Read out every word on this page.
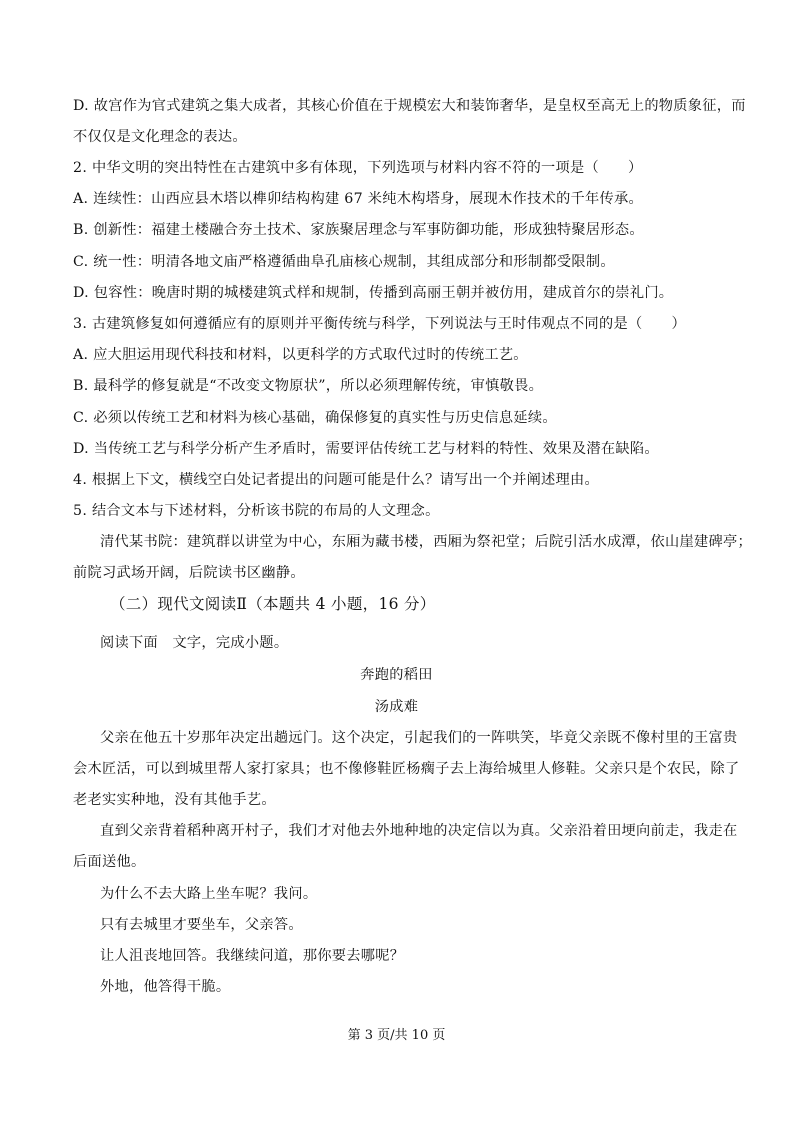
D. 故宫作为官式建筑之集大成者，其核心价值在于规模宏大和装饰奢华，是皇权至高无上的物质象征，而
不仅仅是文化理念的表达。
2. 中华文明的突出特性在古建筑中多有体现，下列选项与材料内容不符的一项是（　　）
A. 连续性：山西应县木塔以榫卯结构构建 67 米纯木构塔身，展现木作技术的千年传承。
B. 创新性：福建土楼融合夯土技术、家族聚居理念与军事防御功能，形成独特聚居形态。
C. 统一性：明清各地文庙严格遵循曲阜孔庙核心规制，其组成部分和形制都受限制。
D. 包容性：晚唐时期的城楼建筑式样和规制，传播到高丽王朝并被仿用，建成首尔的崇礼门。
3. 古建筑修复如何遵循应有的原则并平衡传统与科学，下列说法与王时伟观点不同的是（　　）
A. 应大胆运用现代科技和材料，以更科学的方式取代过时的传统工艺。
B. 最科学的修复就是“不改变文物原状”，所以必须理解传统，审慎敬畏。
C. 必须以传统工艺和材料为核心基础，确保修复的真实性与历史信息延续。
D. 当传统工艺与科学分析产生矛盾时，需要评估传统工艺与材料的特性、效果及潜在缺陷。
4. 根据上下文，横线空白处记者提出的问题可能是什么？请写出一个并阐述理由。
5. 结合文本与下述材料，分析该书院的布局的人文理念。
清代某书院：建筑群以讲堂为中心，东厢为藏书楼，西厢为祭祀堂；后院引活水成潭，依山崖建碑亭；
前院习武场开阔，后院读书区幽静。
（二）现代文阅读Ⅱ（本题共 4 小题，16 分）
阅读下面　文字，完成小题。
奔跑的稻田
汤成难
父亲在他五十岁那年决定出趟远门。这个决定，引起我们的一阵哄笑，毕竟父亲既不像村里的王富贵
会木匠活，可以到城里帮人家打家具；也不像修鞋匠杨瘸子去上海给城里人修鞋。父亲只是个农民，除了
老老实实种地，没有其他手艺。
直到父亲背着稻种离开村子，我们才对他去外地种地的决定信以为真。父亲沿着田埂向前走，我走在
后面送他。
为什么不去大路上坐车呢？我问。
只有去城里才要坐车，父亲答。
让人沮丧地回答。我继续问道，那你要去哪呢？
外地，他答得干脆。
第 3 页/共 10 页
